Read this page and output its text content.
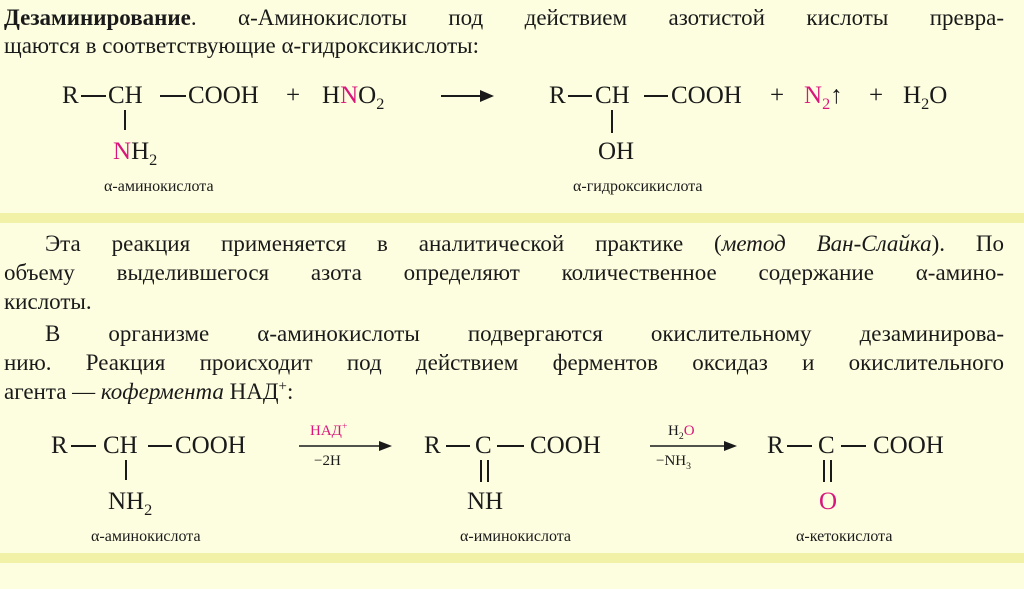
Дезаминирование. α-Аминокислоты под действием азотистой кислоты превра-
щаются в соответствующие α-гидроксикислоты:
R CH COOH
$NH_2$
α-аминокислота
+ $HNO_2$	R CH COOH
OH
α-гидроксикислота
+ $N_2↑ + H_2O$
Эта реакция применяется в аналитической практике (метод Ван-Слайка). По
объему выделившегося азота определяют количественное содержание α-амино-
кислоты.
В организме α-аминокислоты подвергаются окислительному дезаминирова-
нию. Реакция происходит под действием ферментов оксидаз и окислительного
агента — кофермента НАД+:
R CH COOH
$NH_2$
α-аминокислота
НАД+
−2H
R C COOH
NH
α-иминокислота
$H_2O$
$-NH_3$
R C COOH
O
α-кетокислота
